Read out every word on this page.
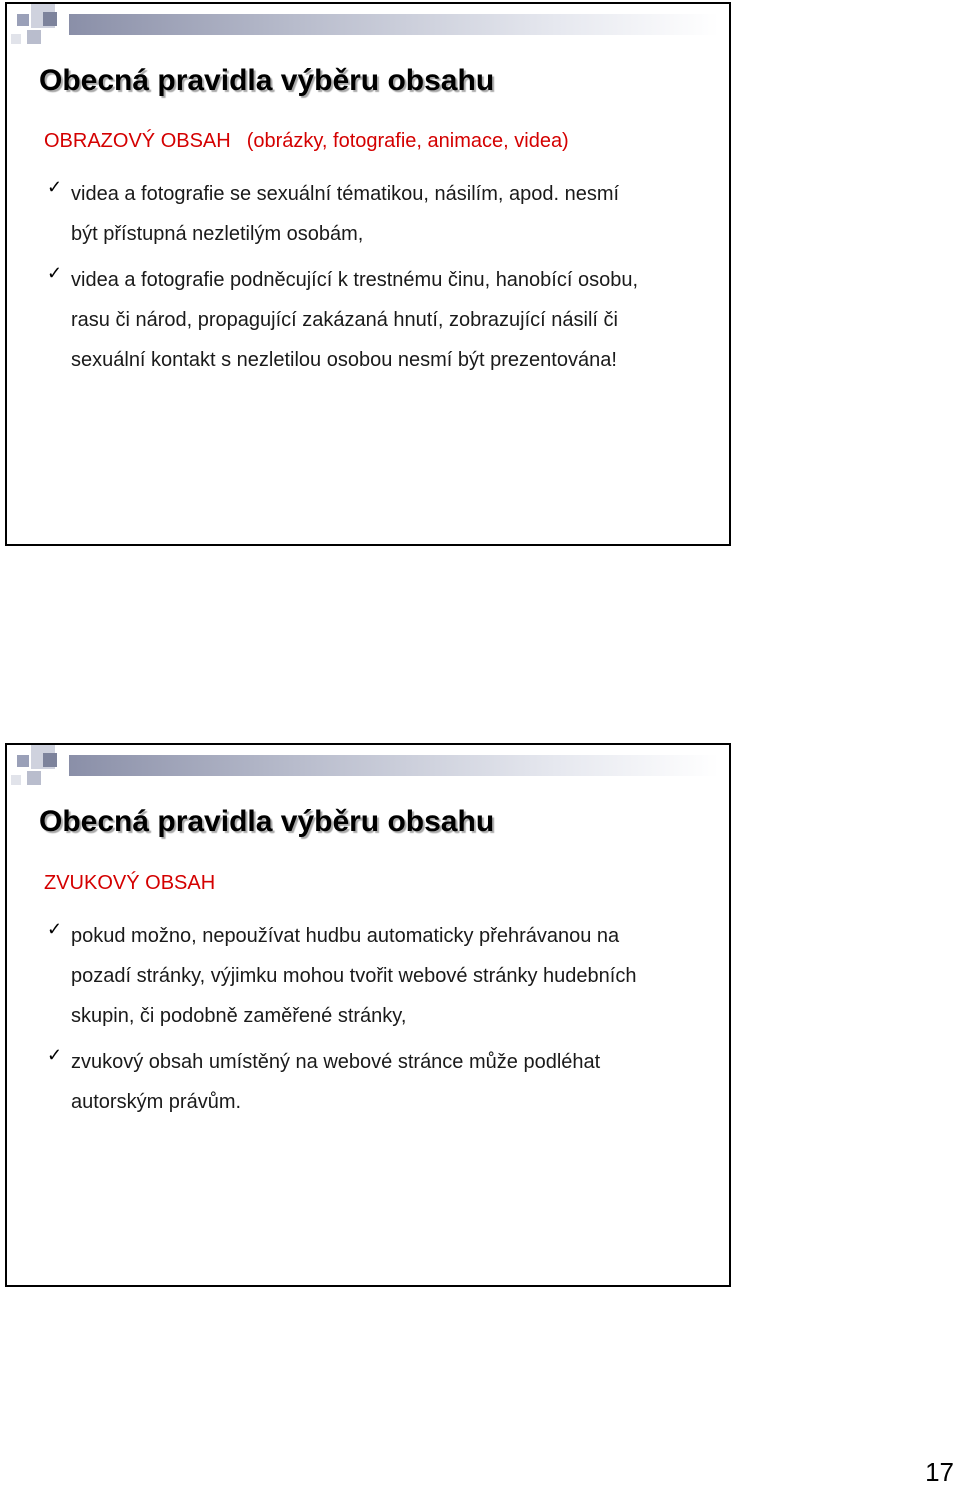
Obecná pravidla výběru obsahu

OBRAZOVÝ OBSAH (obrázky, fotografie, animace, videa)

✓ videa a fotografie se sexuální tématikou, násilím, apod. nesmí
být přístupná nezletilým osobám,
✓ videa a fotografie podněcující k trestnému činu, hanobící osobu,
rasu či národ, propagující zakázaná hnutí, zobrazující násilí či
sexuální kontakt s nezletilou osobou nesmí být prezentována!
Obecná pravidla výběru obsahu

ZVUKOVÝ OBSAH

✓ pokud možno, nepoužívat hudbu automaticky přehrávanou na
pozadí stránky, výjimku mohou tvořit webové stránky hudebních
skupin, či podobně zaměřené stránky,
✓ zvukový obsah umístěný na webové stránce může podléhat
autorským právům.
17
